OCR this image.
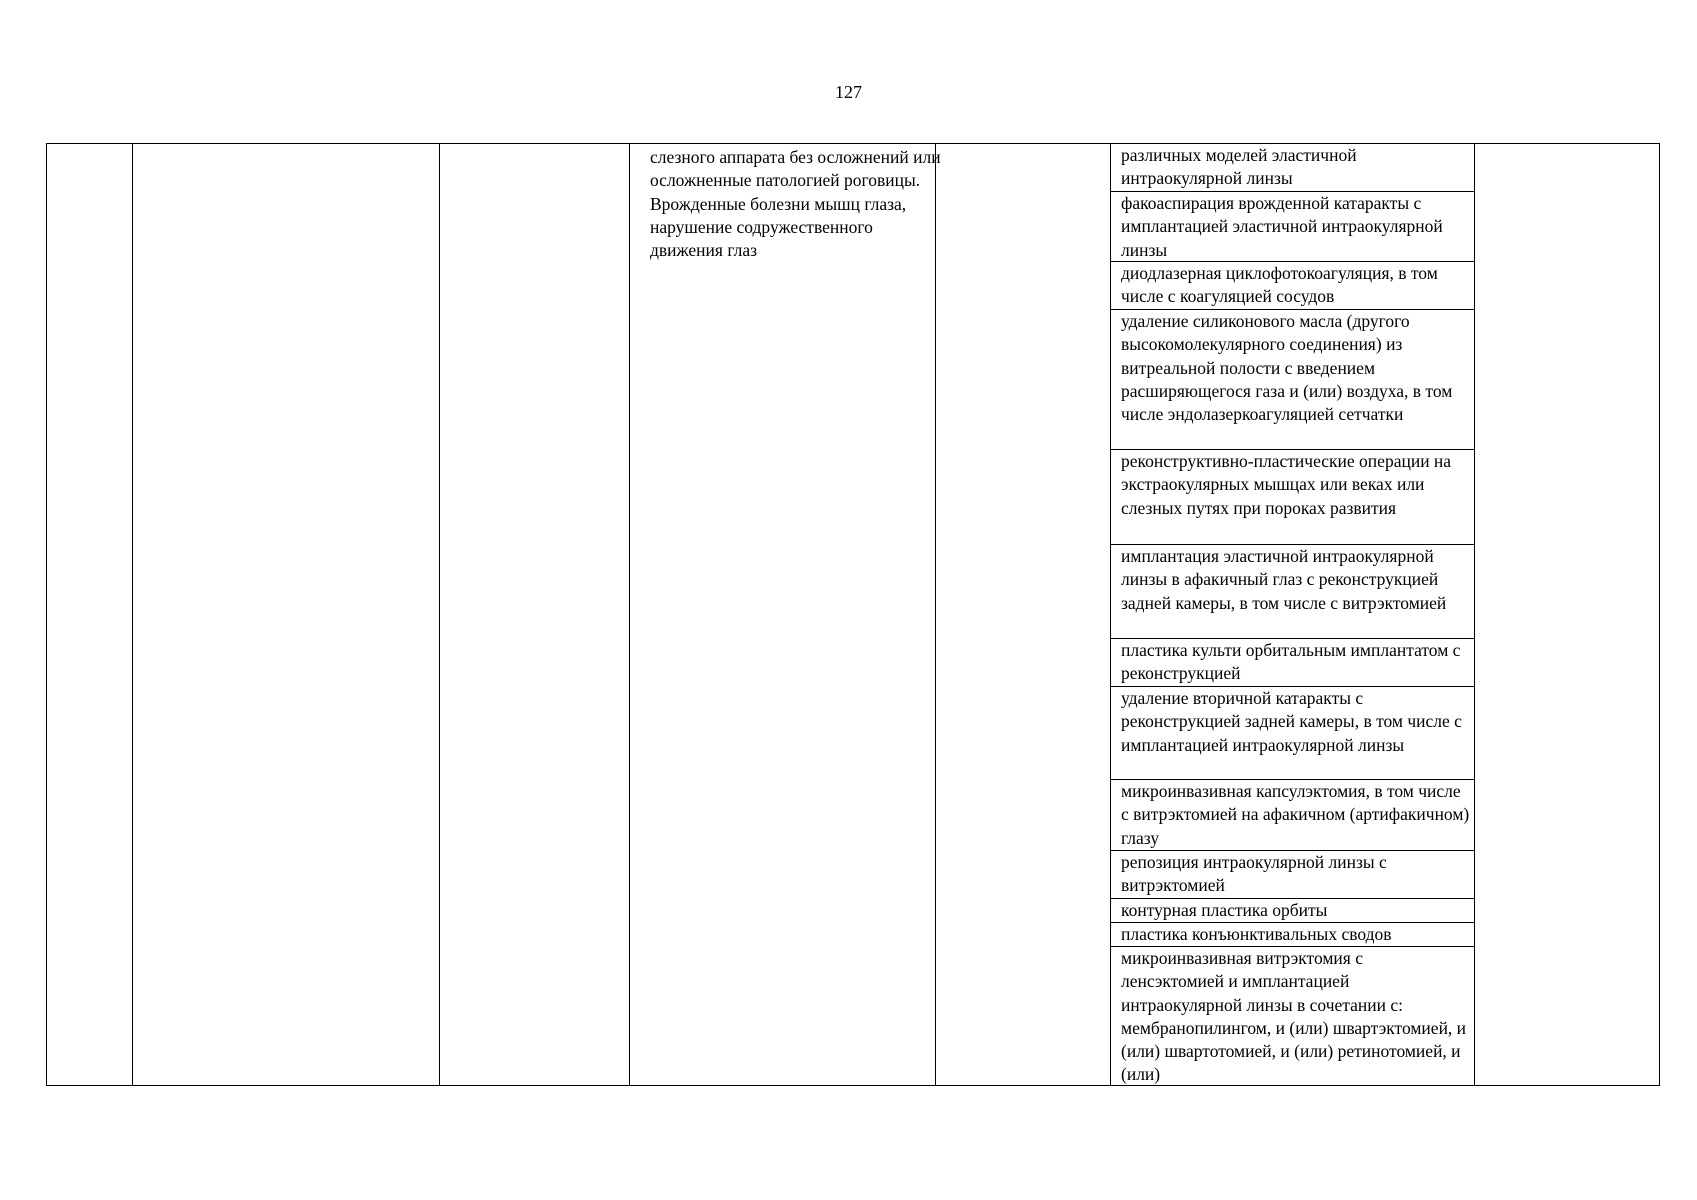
127
слезного аппарата без осложнений или осложненные патологией роговицы. Врожденные болезни мышц глаза, нарушение содружественного движения глаз
различных моделей эластичной интраокулярной линзы
факоаспирация врожденной катаракты с имплантацией эластичной интраокулярной линзы
диодлазерная циклофотокоагуляция, в том числе с коагуляцией сосудов
удаление силиконового масла (другого высокомолекулярного соединения) из витреальной полости с введением расширяющегося газа и (или) воздуха, в том числе эндолазеркоагуляцией сетчатки
реконструктивно-пластические операции на экстраокулярных мышцах или веках или слезных путях при пороках развития
имплантация эластичной интраокулярной линзы в афакичный глаз с реконструкцией задней камеры, в том числе с витрэктомией
пластика культи орбитальным имплантатом с реконструкцией
удаление вторичной катаракты с реконструкцией задней камеры, в том числе с имплантацией интраокулярной линзы
микроинвазивная капсулэктомия, в том числе с витрэктомией на афакичном (артифакичном) глазу
репозиция интраокулярной линзы с витрэктомией
контурная пластика орбиты
пластика конъюнктивальных сводов
микроинвазивная витрэктомия с ленсэктомией и имплантацией интраокулярной линзы в сочетании с: мембранопилингом, и (или) швартэктомией, и (или) швартотомией, и (или) ретинотомией, и (или)
